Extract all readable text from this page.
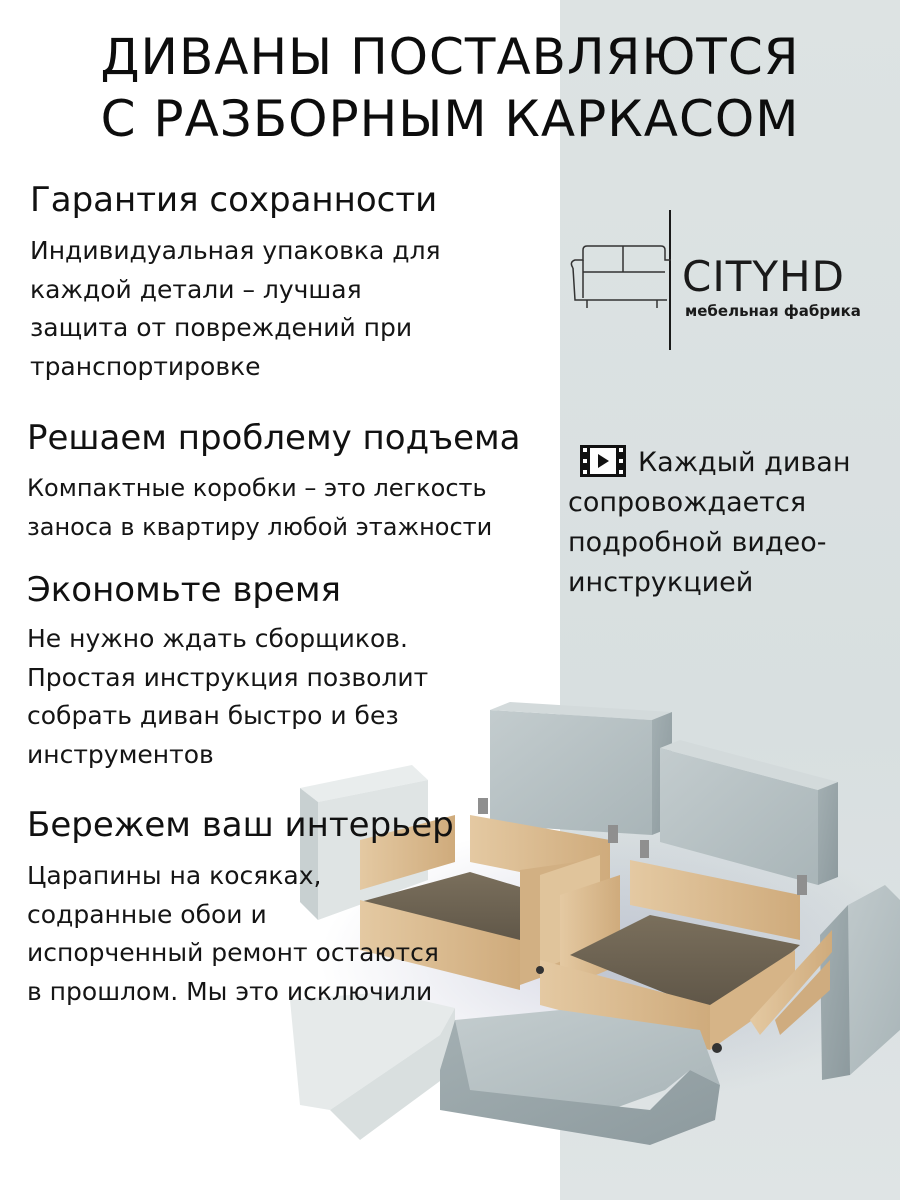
ДИВАНЫ ПОСТАВЛЯЮТСЯ
С РАЗБОРНЫМ КАРКАСОМ
Гарантия сохранности
Индивидуальная упаковка для
каждой детали – лучшая
защита от повреждений при
транспортировке
Решаем проблему подъема
Компактные коробки – это легкость
заноса в квартиру любой этажности
Экономьте время
Не нужно ждать сборщиков.
Простая инструкция позволит
собрать диван быстро и без
инструментов
Бережем ваш интерьер
Царапины на косяках,
содранные обои и
испорченный ремонт остаются
в прошлом. Мы это исключили
CITYHD
мебельная фабрика
Каждый диван
сопровождается
подробной видео-
инструкцией
